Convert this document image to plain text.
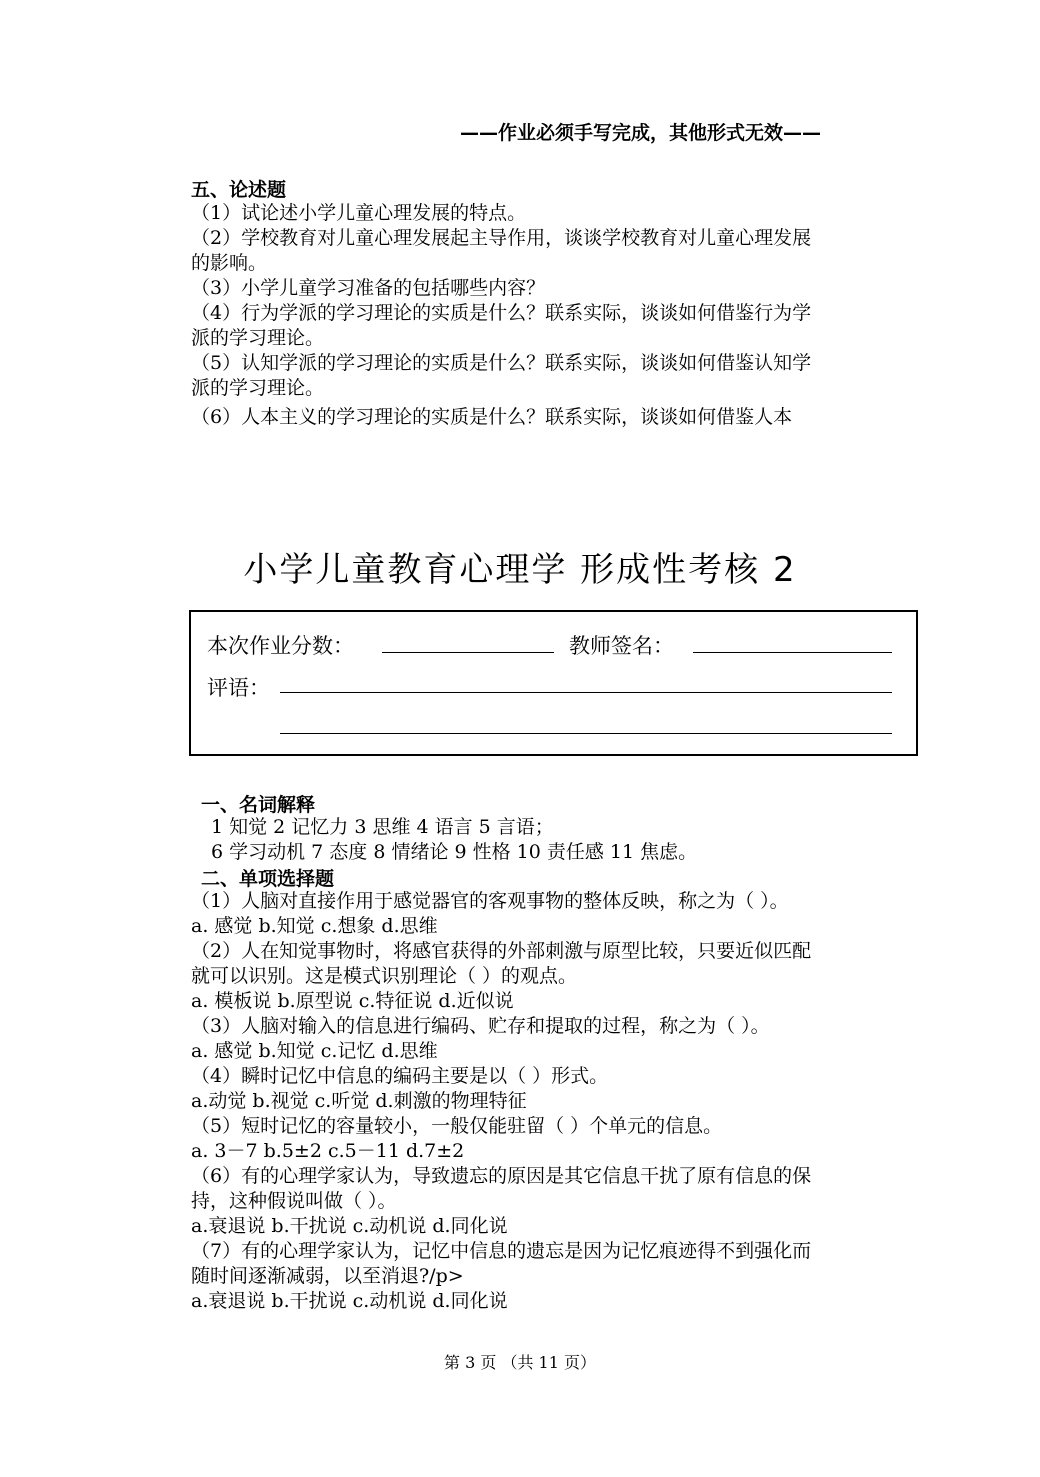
——作业必须手写完成，其他形式无效——
五、论述题
（1）试论述小学儿童心理发展的特点。
（2）学校教育对儿童心理发展起主导作用，谈谈学校教育对儿童心理发展
的影响。
（3）小学儿童学习准备的包括哪些内容？
（4）行为学派的学习理论的实质是什么？联系实际，谈谈如何借鉴行为学
派的学习理论。
（5）认知学派的学习理论的实质是什么？联系实际，谈谈如何借鉴认知学
派的学习理论。
（6）人本主义的学习理论的实质是什么？联系实际，谈谈如何借鉴人本
小学儿童教育心理学 形成性考核 2
本次作业分数：	教师签名：
评语：
一、名词解释
1 知觉 2 记忆力 3 思维 4 语言 5 言语；
6 学习动机 7 态度 8 情绪论 9 性格 10 责任感 11 焦虑。
二、单项选择题
（1）人脑对直接作用于感觉器官的客观事物的整体反映，称之为（ ）。
a. 感觉 b.知觉 c.想象 d.思维
（2）人在知觉事物时，将感官获得的外部刺激与原型比较，只要近似匹配
就可以识别。这是模式识别理论（ ）的观点。
a. 模板说 b.原型说 c.特征说 d.近似说
（3）人脑对输入的信息进行编码、贮存和提取的过程，称之为（ ）。
a. 感觉 b.知觉 c.记忆 d.思维
（4）瞬时记忆中信息的编码主要是以（ ）形式。
a.动觉 b.视觉 c.听觉 d.刺激的物理特征
（5）短时记忆的容量较小，一般仅能驻留（ ）个单元的信息。
a. 3－7 b.5±2 c.5－11 d.7±2
（6）有的心理学家认为，导致遗忘的原因是其它信息干扰了原有信息的保
持，这种假说叫做（ ）。
a.衰退说 b.干扰说 c.动机说 d.同化说
（7）有的心理学家认为，记忆中信息的遗忘是因为记忆痕迹得不到强化而
随时间逐渐减弱，以至消退?/p>
a.衰退说 b.干扰说 c.动机说 d.同化说
第 3 页 （共 11 页）
